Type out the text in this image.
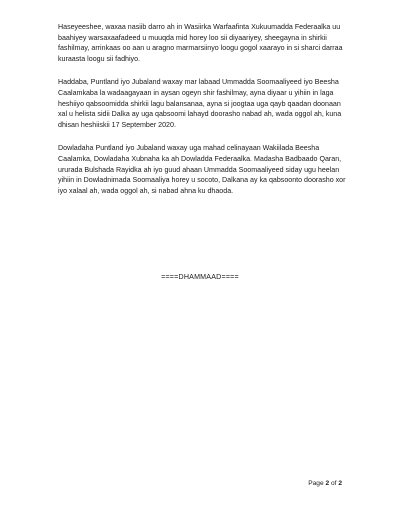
Haseyeeshee, waxaa nasiib darro ah in Wasiirka Warfaafinta Xukuumadda Federaalka uu baahiyey warsaxaafadeed u muuqda mid horey loo sii diyaariyey, sheegayna in shirkii fashilmay, arrinkaas oo aan u aragno marmarsiinyo loogu gogol xaarayo in si sharci darraa kuraasta loogu sii fadhiyo.

Haddaba, Puntland iyo Jubaland waxay mar labaad Ummadda Soomaaliyeed iyo Beesha Caalamkaba la wadaagayaan in aysan ogeyn shir fashilmay, ayna diyaar u yihiin in laga heshiiyo qabsoomidda shirkii lagu balansanaa, ayna si joogtaa uga qayb qaadan doonaan xal u helista sidii Dalka ay uga qabsoomi lahayd doorasho nabad ah, wada oggol ah, kuna dhisan heshiiskii 17 September 2020.

Dowladaha Puntland iyo Jubaland waxay uga mahad celinayaan Wakiilada Beesha Caalamka, Dowladaha Xubnaha ka ah Dowladda Federaalka. Madasha Badbaado Qaran, ururada Bulshada Rayidka ah iyo guud ahaan Ummadda Soomaaliyeed siday ugu heelan yihiin in Dowladnimada Soomaaliya horey u socoto, Dalkana ay ka qabsoonto doorasho xor iyo xalaal ah, wada oggol ah, si nabad ahna ku dhaoda.

====DHAMMAAD====
Page 2 of 2
